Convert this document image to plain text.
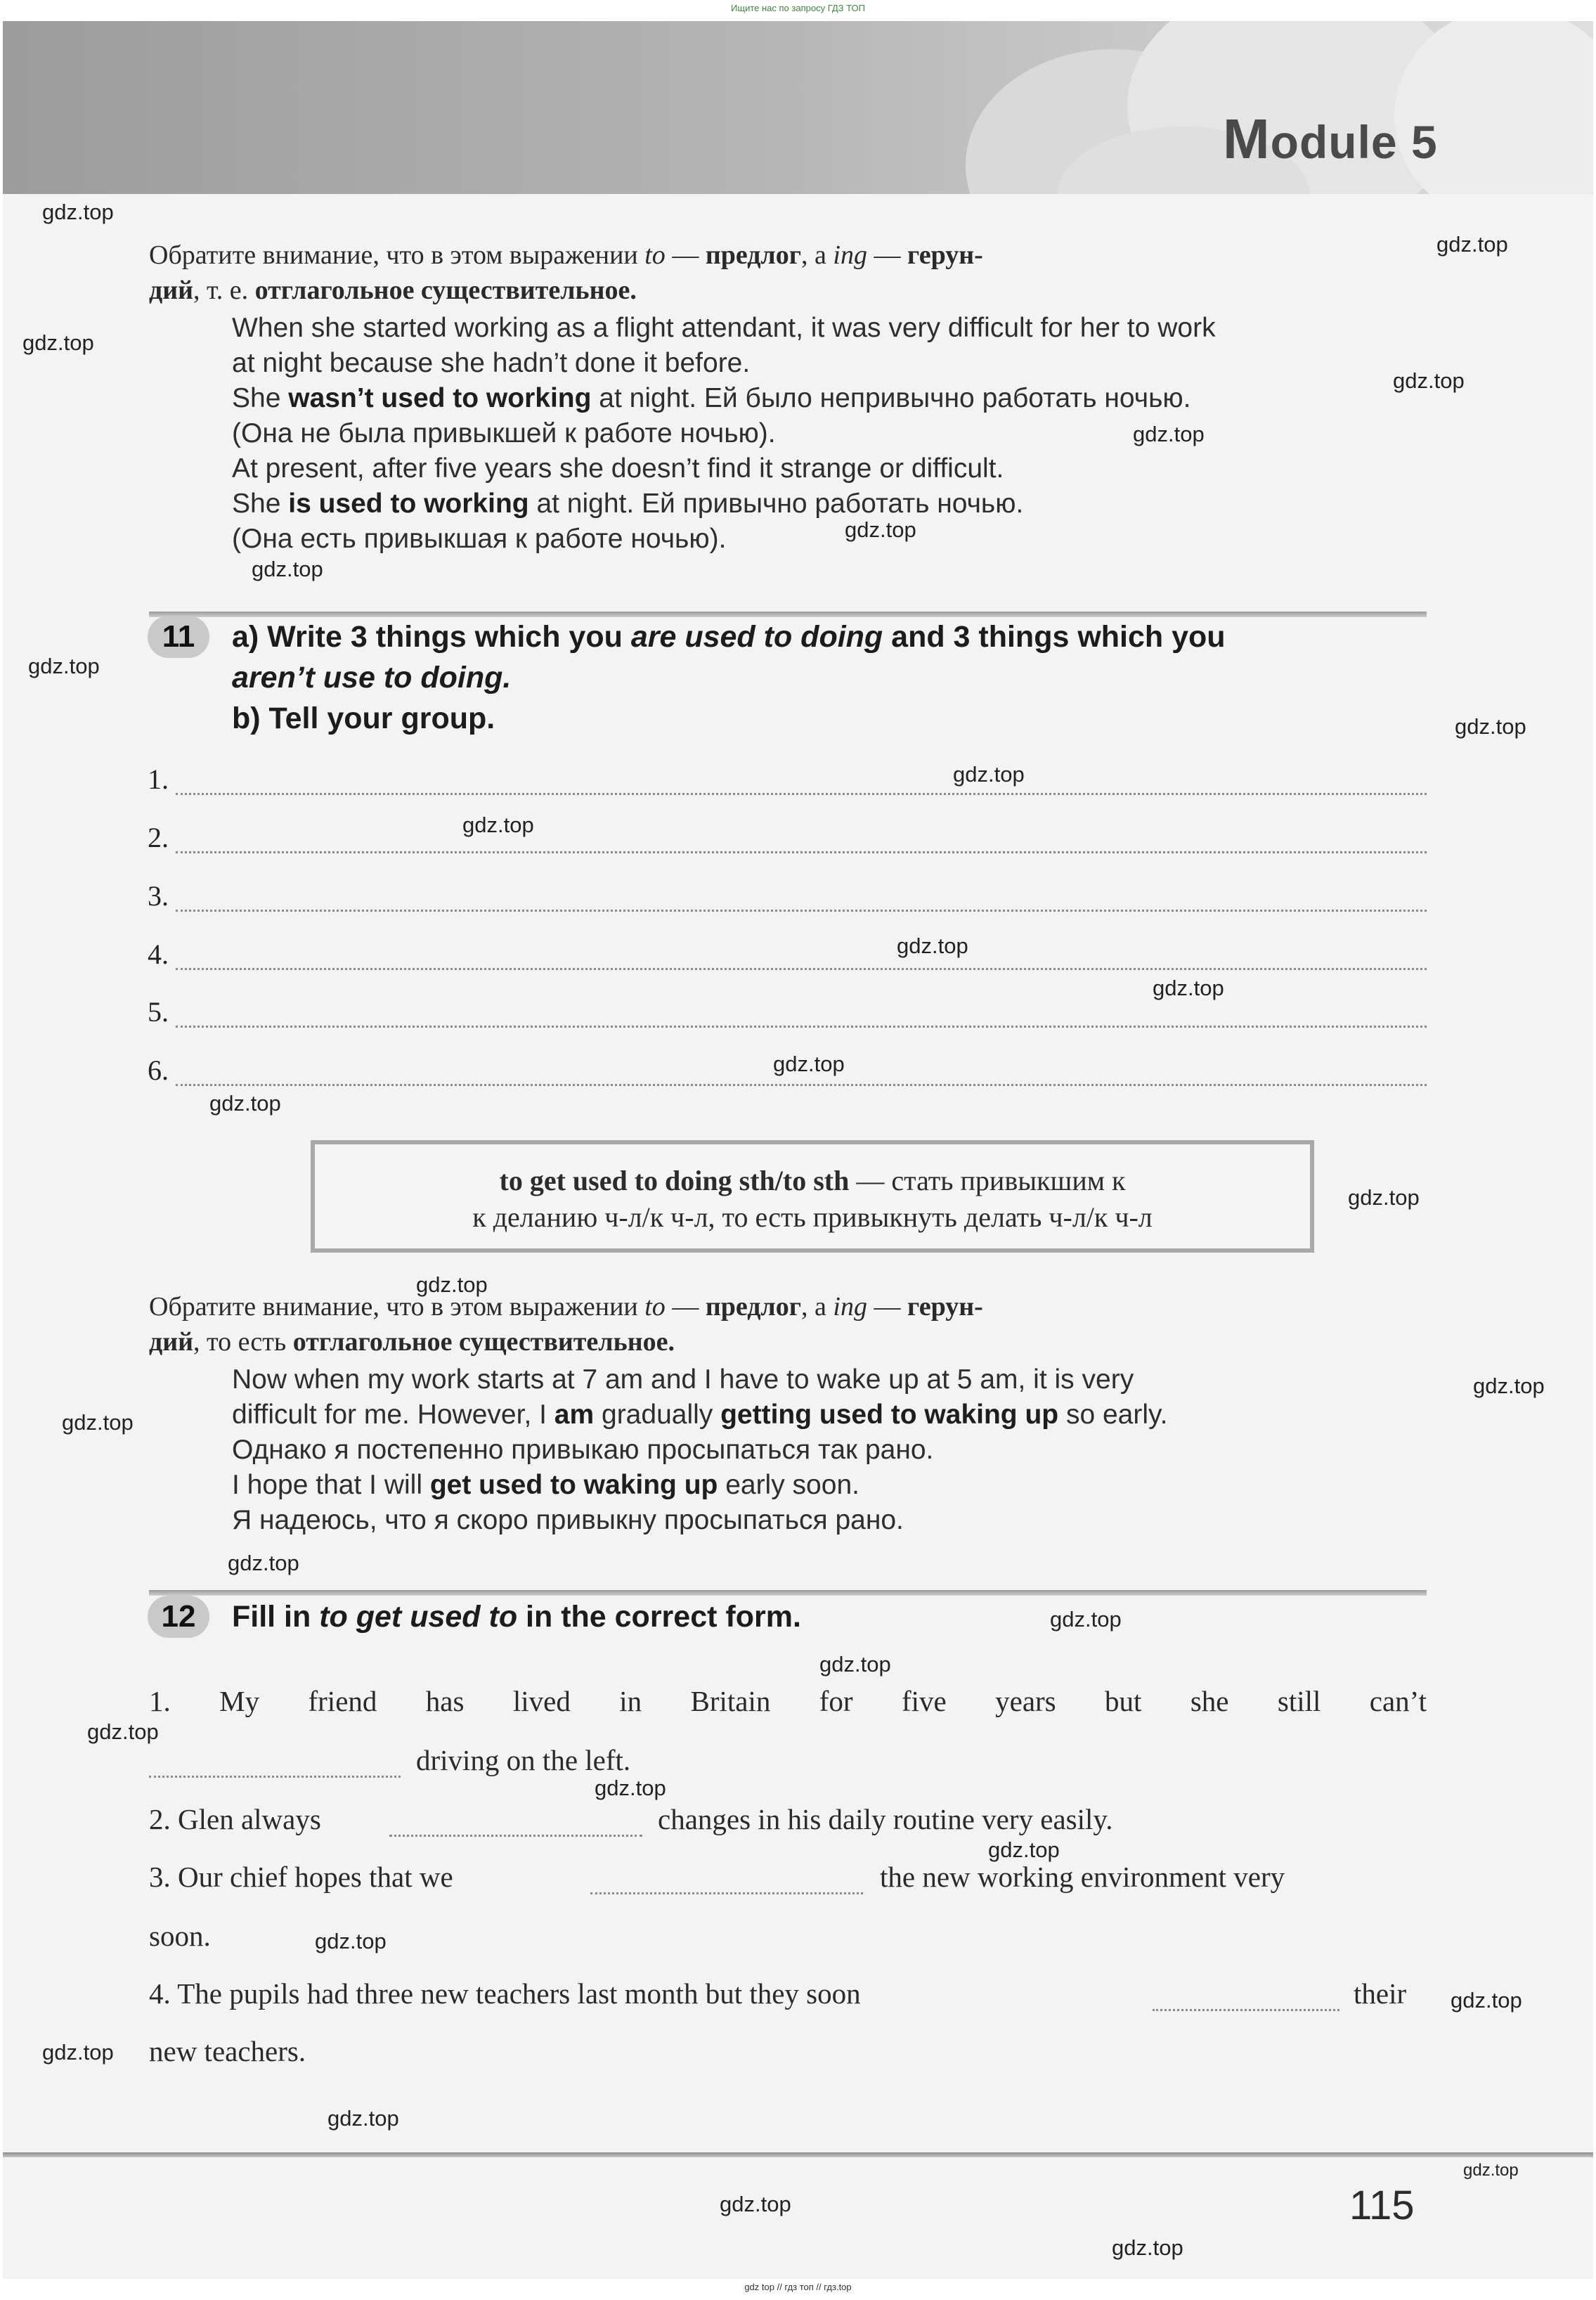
Module 5
Ищите нас по запросу ГДЗ ТОП
Обратите внимание, что в этом выражении to — предлог, а ing — герун-
дий, т. е. отглагольное существительное.
When she started working as a flight attendant, it was very difficult for her to work
at night because she hadn’t done it before.
She wasn’t used to working at night. Ей было непривычно работать ночью.
(Она не была привыкшей к работе ночью).
At present, after five years she doesn’t find it strange or difficult.
She is used to working at night. Ей привычно работать ночью.
(Она есть привыкшая к работе ночью).
11	a) Write 3 things which you are used to doing and 3 things which you
aren’t use to doing.
b) Tell your group.
1.
2.
3.
4.
5.
6.
to get used to doing sth/to sth — стать привыкшим к
к деланию ч-л/к ч-л, то есть привыкнуть делать ч-л/к ч-л
Обратите внимание, что в этом выражении to — предлог, а ing — герун-
дий, то есть отглагольное существительное.
Now when my work starts at 7 am and I have to wake up at 5 am, it is very
difficult for me. However, I am gradually getting used to waking up so early.
Однако я постепенно привыкаю просыпаться так рано.
I hope that I will get used to waking up early soon.
Я надеюсь, что я скоро привыкну просыпаться рано.
12	Fill in to get used to in the correct form.
1. My friend has lived in Britain for five years but she still can’t
driving on the left.
2. Glen always	changes in his daily routine very easily.
3. Our chief hopes that we	the new working environment very
soon.
4. The pupils had three new teachers last month but they soon	their
new teachers.
115
gdz top // гдз топ // гдз.top
gdz.top
gdz.top
gdz.top
gdz.top
gdz.top
gdz.top
gdz.top
gdz.top
gdz.top
gdz.top
gdz.top
gdz.top
gdz.top
gdz.top
gdz.top
gdz.top
gdz.top
gdz.top
gdz.top
gdz.top
gdz.top
gdz.top
gdz.top
gdz.top
gdz.top
gdz.top
gdz.top
gdz.top
gdz.top
gdz.top
gdz.top
gdz.top
